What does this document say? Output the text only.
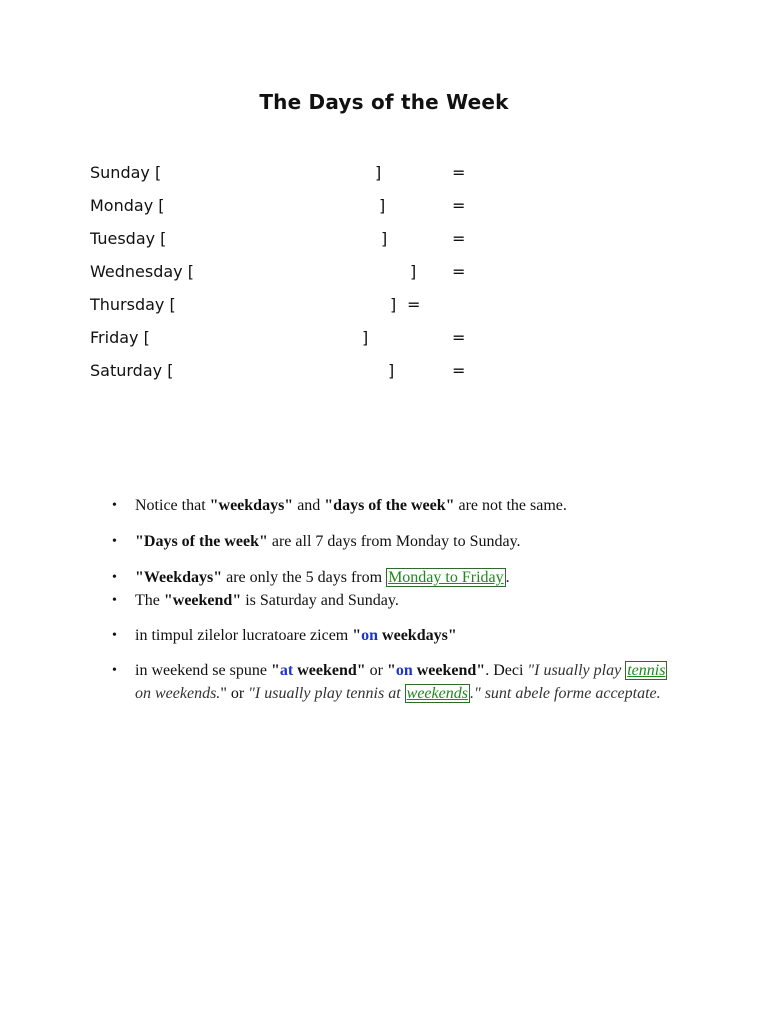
The Days of the Week
Sunday [	]	=
Monday [	]	=
Tuesday [	]	=
Wednesday [	] =
Thursday [	] =
Friday [	]	=
Saturday [	]	=
• Notice that "weekdays" and "days of the week" are not the same.
• "Days of the week" are all 7 days from Monday to Sunday.
• "Weekdays" are only the 5 days from Monday to Friday .
• The "weekend" is Saturday and Sunday.
• in timpul zilelor lucratoare zicem "on weekdays"
• in weekend se spune "at weekend" or "on weekend". Deci "I usually play tennis on weekends." or "I usually play tennis at weekends ." sunt abele forme acceptate.
